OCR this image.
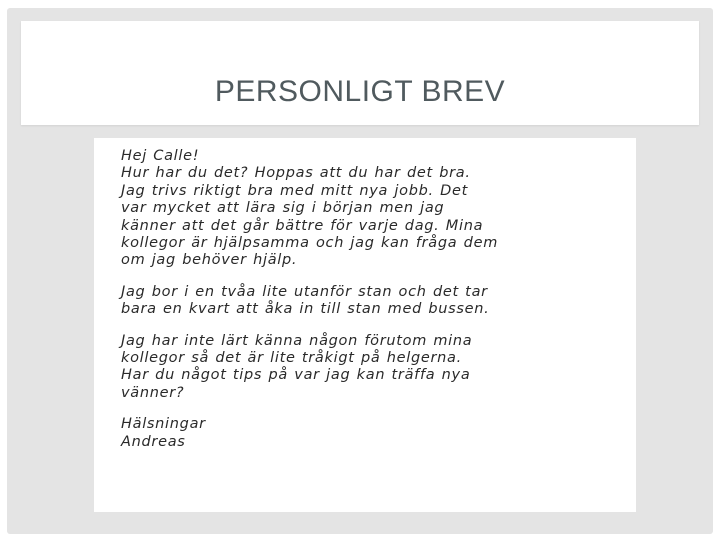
PERSONLIGT BREV
Hej Calle!
Hur har du det? Hoppas att du har det bra.
Jag trivs riktigt bra med mitt nya jobb. Det
var mycket att lära sig i början men jag
känner att det går bättre för varje dag. Mina
kollegor är hjälpsamma och jag kan fråga dem
om jag behöver hjälp.
Jag bor i en tvåa lite utanför stan och det tar
bara en kvart att åka in till stan med bussen.
Jag har inte lärt känna någon förutom mina
kollegor så det är lite tråkigt på helgerna.
Har du något tips på var jag kan träffa nya
vänner?
Hälsningar
Andreas
